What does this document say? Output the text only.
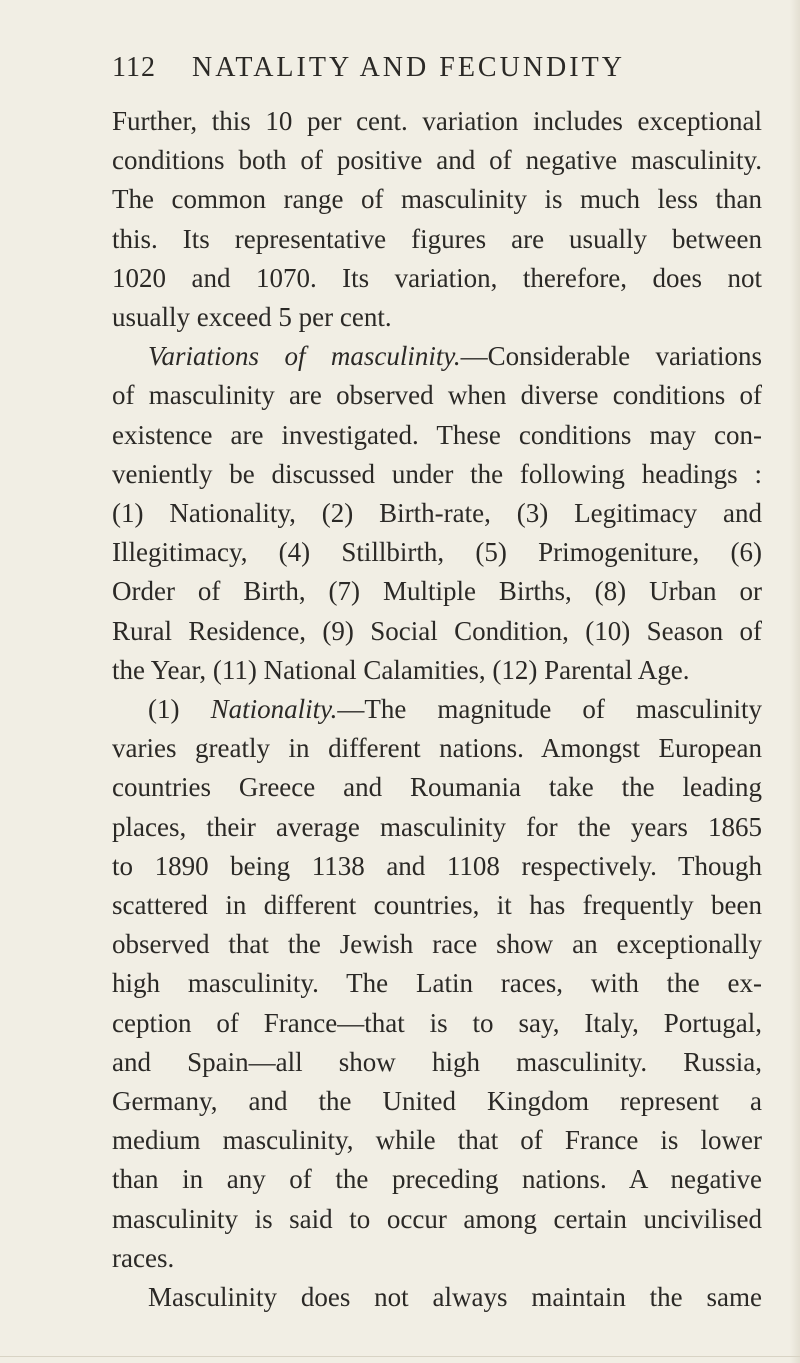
112 NATALITY AND FECUNDITY
Further, this 10 per cent. variation includes exceptional
conditions both of positive and of negative masculinity.
The common range of masculinity is much less than
this. Its representative figures are usually between
1020 and 1070. Its variation, therefore, does not
usually exceed 5 per cent.
Variations of masculinity.—Considerable variations
of masculinity are observed when diverse conditions of
existence are investigated. These conditions may con-
veniently be discussed under the following headings :
(1) Nationality, (2) Birth-rate, (3) Legitimacy and
Illegitimacy, (4) Stillbirth, (5) Primogeniture, (6)
Order of Birth, (7) Multiple Births, (8) Urban or
Rural Residence, (9) Social Condition, (10) Season of
the Year, (11) National Calamities, (12) Parental Age.
(1) Nationality.—The magnitude of masculinity
varies greatly in different nations. Amongst European
countries Greece and Roumania take the leading
places, their average masculinity for the years 1865
to 1890 being 1138 and 1108 respectively. Though
scattered in different countries, it has frequently been
observed that the Jewish race show an exceptionally
high masculinity. The Latin races, with the ex-
ception of France—that is to say, Italy, Portugal,
and Spain—all show high masculinity. Russia,
Germany, and the United Kingdom represent a
medium masculinity, while that of France is lower
than in any of the preceding nations. A negative
masculinity is said to occur among certain uncivilised
races.
Masculinity does not always maintain the same
